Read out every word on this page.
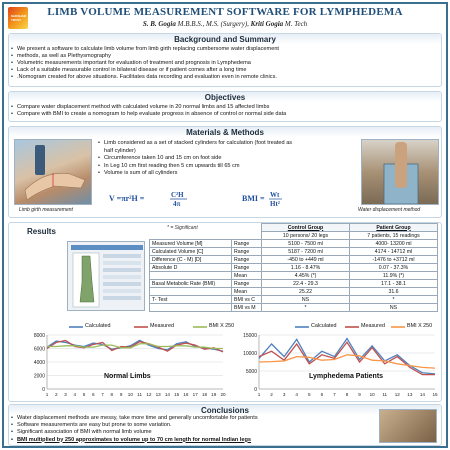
SAKSHAM TRUST
LIMB VOLUME MEASUREMENT SOFTWARE FOR LYMPHEDEMA
S. B. Gogia M.B.B.S., M.S. (Surgery), Kriti Gogia M. Tech
Background and Summary
• We present a software to calculate limb volume from limb girth replacing cumbersome water displacement
• methods, as well as Plethysmography
• Volumetric measurements important for evaluation of treatment and prognosis in Lymphedema
• Lack of a suitable measurable control in bilateral disease or if patient comes after a long time
• .Nomogram created for above situations. Facilitates data recording and evaluation even in remote clinics.
Objectives
• Compare water displacement method with calculated volume in 20 normal limbs and 15 affected limbs
• Compare with BMI to create a nomogram to help evaluate progress in absence of control or normal side data
Materials & Methods
Limb girth measurement
• Limb considered as a set of stacked cylinders for calculation (foot treated as half cylinder)
• Circumference taken 10 and 15 cm on foot side
• In Leg 10 cm first reading then 5 cm upwards till 65 cm
• Volume is sum of all cylinders
V =πr²H =	C²H
4π
BMI = Wt
Ht²
Water displacement method
Results	* = Significant
			Control Group	Patient Group
		10 persons/ 20 legs	7 patients, 15 readings
Measured Volume [M]	Range	5100 - 7500 ml	4000- 13200 ml
Calculated Volume [C]	Range	5187 - 7200 ml	4174 - 14712 ml
Difference (C - M) [D]	Range	-450 to +449 ml	-1476 to +3712 ml
Absolute D	Range	1.16 - 8.47%	0.07 - 37.3%
	Mean	4.45% (*)	11.9% (*)
Basal Metabolic Rate (BMI)	Range	22.4 - 29.3	17.1 - 38.1
	Mean	25.22	31.6
T- Test	BMI vs C	NS	*
	BMI vs M	*	NS
Calculated	Measured	BMI X 250	Calculated	Measured	BMI X 250
0
2000
4000
6000
8000
1 2 3 4 5 6 7 8 9 10 11 12 13 14 15 16 17 18 19 20
0
5000
10000
15000
1 2 3 4 5 6 7 8 9 10 11 12 13 14 15
Normal Limbs	Lymphedema Patients
Conclusions
• Water displacement methods are messy, take more time and generally uncomfortable for patients
• Software measurements are easy but prone to some variation.
• Significant association of BMI with normal limb volume
• BMI multiplied by 250 approximates to volume up to 70 cm length for normal Indian legs
